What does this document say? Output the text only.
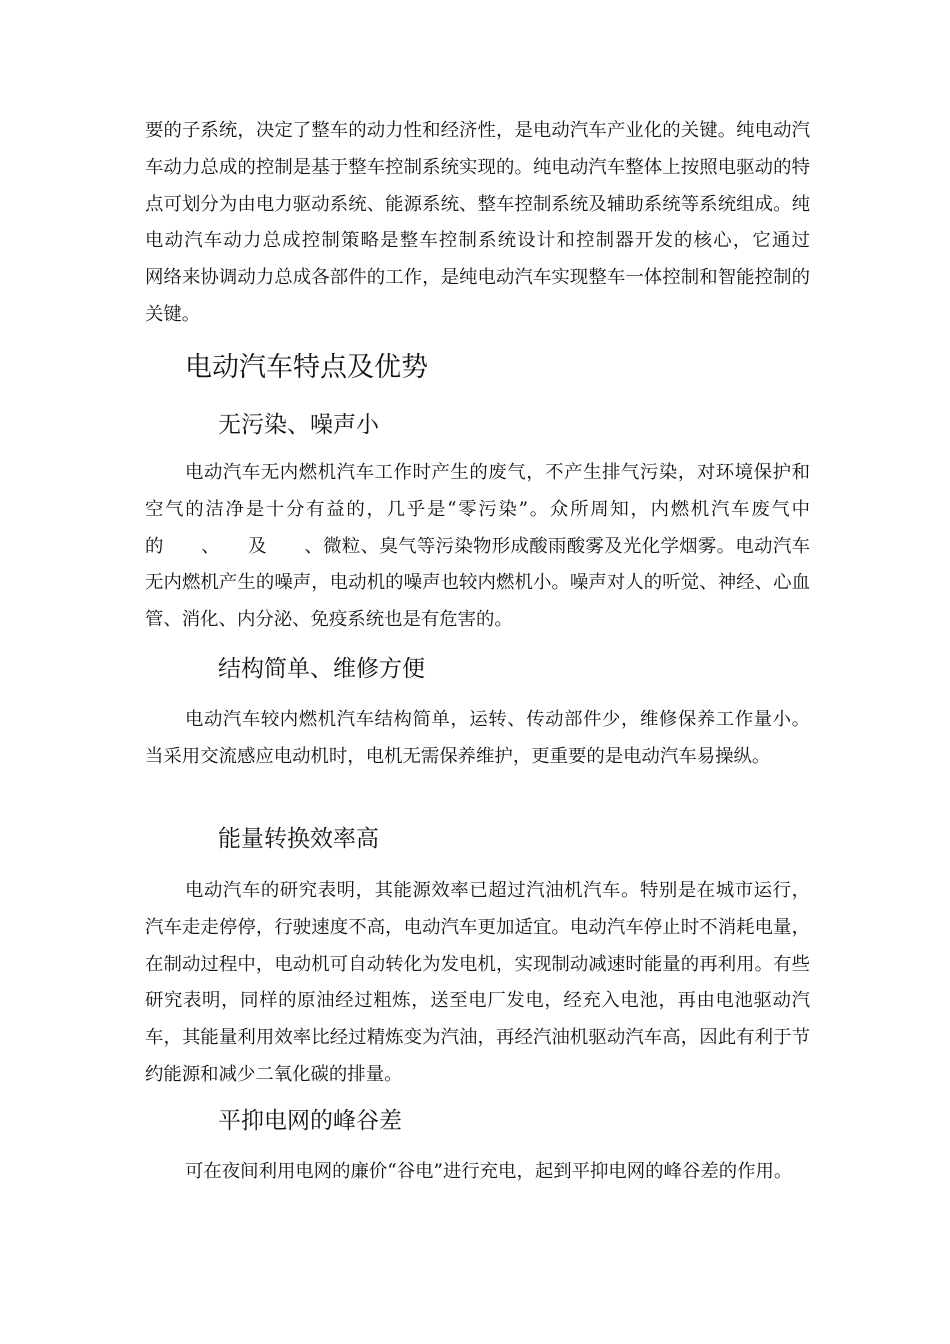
要的子系统，决定了整车的动力性和经济性，是电动汽车产业化的关键。纯电动汽车动力总成的控制是基于整车控制系统实现的。纯电动汽车整体上按照电驱动的特点可划分为由电力驱动系统、能源系统、整车控制系统及辅助系统等系统组成。纯电动汽车动力总成控制策略是整车控制系统设计和控制器开发的核心，它通过　　网络来协调动力总成各部件的工作，是纯电动汽车实现整车一体控制和智能控制的关键。

电动汽车特点及优势
无污染、噪声小

电动汽车无内燃机汽车工作时产生的废气，不产生排气污染，对环境保护和空气的洁净是十分有益的，几乎是“零污染”。众所周知，内燃机汽车废气中的　　、　　及　　、微粒、臭气等污染物形成酸雨酸雾及光化学烟雾。电动汽车无内燃机产生的噪声，电动机的噪声也较内燃机小。噪声对人的听觉、神经、心血管、消化、内分泌、免疫系统也是有危害的。

结构简单、维修方便

电动汽车较内燃机汽车结构简单，运转、传动部件少，维修保养工作量小。当采用交流感应电动机时，电机无需保养维护，更重要的是电动汽车易操纵。

能量转换效率高

电动汽车的研究表明，其能源效率已超过汽油机汽车。特别是在城市运行，汽车走走停停，行驶速度不高，电动汽车更加适宜。电动汽车停止时不消耗电量，在制动过程中，电动机可自动转化为发电机，实现制动减速时能量的再利用。有些研究表明，同样的原油经过粗炼，送至电厂发电，经充入电池，再由电池驱动汽车，其能量利用效率比经过精炼变为汽油，再经汽油机驱动汽车高，因此有利于节约能源和减少二氧化碳的排量。

平抑电网的峰谷差

可在夜间利用电网的廉价“谷电”进行充电，起到平抑电网的峰谷差的作用。
